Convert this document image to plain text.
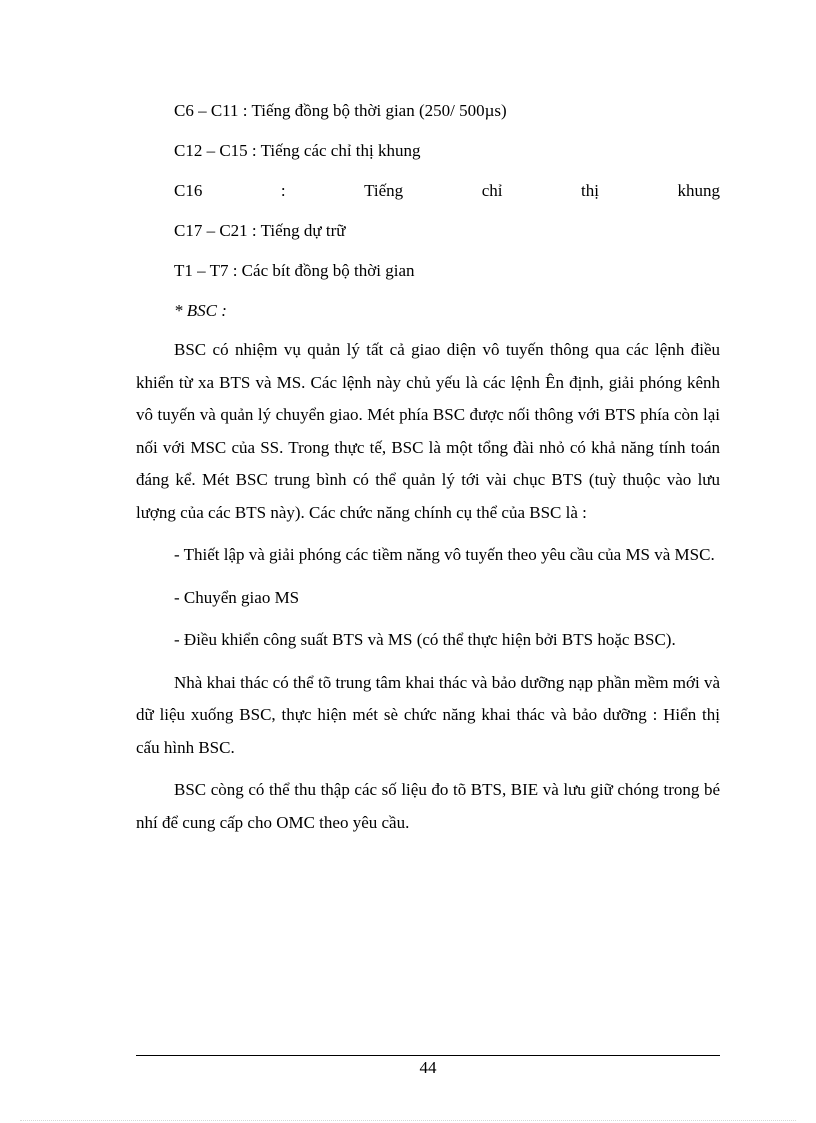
C6 – C11 : Tiếng đồng bộ thời gian (250/ 500µs)

C12 – C15 : Tiếng các chỉ thị khung

C16	:	Tiếng	chỉ	thị	khung

C17 – C21 : Tiếng dự trữ

T1 – T7 : Các bít đồng bộ thời gian

* BSC :

BSC có nhiệm vụ quản lý tất cả giao diện vô tuyến thông qua các lệnh điều khiển từ xa BTS và MS. Các lệnh này chủ yếu là các lệnh Ên định, giải phóng kênh vô tuyến và quản lý chuyển giao. Mét phía BSC được nối thông với BTS phía còn lại nối với MSC của SS. Trong thực tế, BSC là một tổng đài nhỏ có khả năng tính toán đáng kể. Mét BSC trung bình có thể quản lý tới vài chục BTS (tuỳ thuộc vào lưu lượng của các BTS này). Các chức năng chính cụ thể của BSC là :

- Thiết lập và giải phóng các tiềm năng vô tuyến theo yêu cầu của MS và MSC.

- Chuyển giao MS

- Điều khiển công suất BTS và MS (có thể thực hiện bởi BTS hoặc BSC).

Nhà khai thác có thể tõ trung tâm khai thác và bảo dưỡng nạp phần mềm mới và dữ liệu xuống BSC, thực hiện mét sè chức năng khai thác và bảo dưỡng : Hiển thị cấu hình BSC.

BSC còng có thể thu thập các số liệu đo tõ BTS, BIE và lưu giữ chóng trong bé nhí để cung cấp cho OMC theo yêu cầu.

44
